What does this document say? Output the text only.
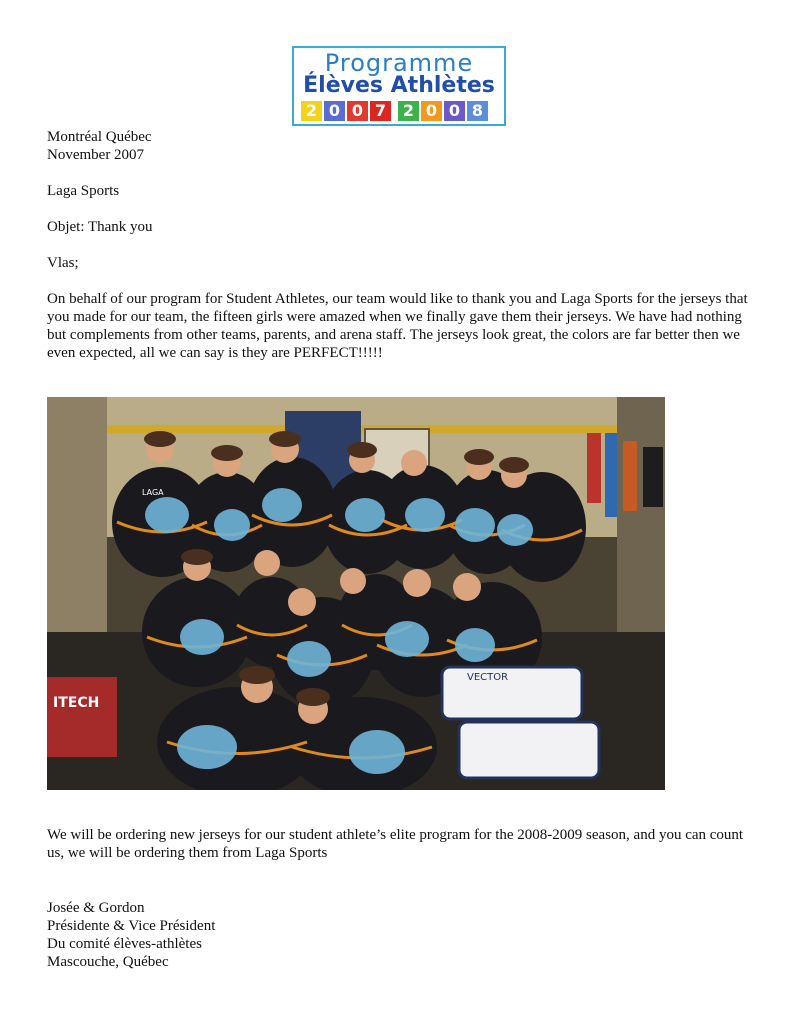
Programme
Élèves Athlètes
2 0 0 7	2 0 0 8
Montréal Québec
November 2007
Laga Sports
Objet: Thank you
Vlas;
On behalf of our program for Student Athletes, our team would like to thank you and Laga Sports for the jerseys that you made for our team, the fifteen girls were amazed when we finally gave them their jerseys. We have had nothing but complements from other teams, parents, and arena staff. The jerseys look great, the colors are far better then we even expected, all we can say is they are PERFECT!!!!!
ITECH
VECTOR
LAGA
We will be ordering new jerseys for our student athlete’s elite program for the 2008-2009 season, and you can count us, we will be ordering them from Laga Sports
Josée & Gordon
Présidente & Vice Président
Du comité élèves-athlètes
Mascouche, Québec
